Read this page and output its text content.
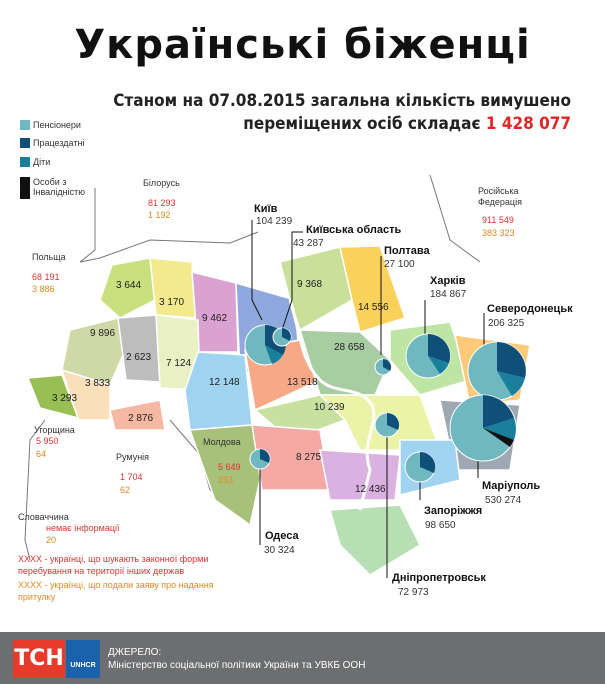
Українські біженці
Станом на 07.08.2015 загальна кількість вимушено
переміщених осіб складає 1 428 077
Пенсіонери
Працездатні
Діти
Особи з Інвалідністю
Білорусь
81 293
1 192
Польща
68 191
3 886
Російська Федерація
911 549
383 323
Угорщина
5 950
64	Румунія
1 704
62
Молдова
5 649
233
Словаччина
немає інформації
20
3 644
3 170
9 462
9 368
14 556
9 896
2 623
7 124
28 658
3 833
3 293
2 876
12 148	13 518
10 239
8 275
12 436
Київ
104 239
Київська область
43 287
Полтава
27 100
Харків
184 867
Северодонецьк
206 325
Маріуполь
530 274
Запоріжжя
98 650
Дніпропетровськ
72 973
Одеса
30 324
XXXX - українці, що шукають законної форми перебування на території інших держав
XXXX - українці, що подали заяву про надання притулку
ТСН UNHCR
ДЖЕРЕЛО:
Міністерство соціальної політики України та УВКБ ООН
